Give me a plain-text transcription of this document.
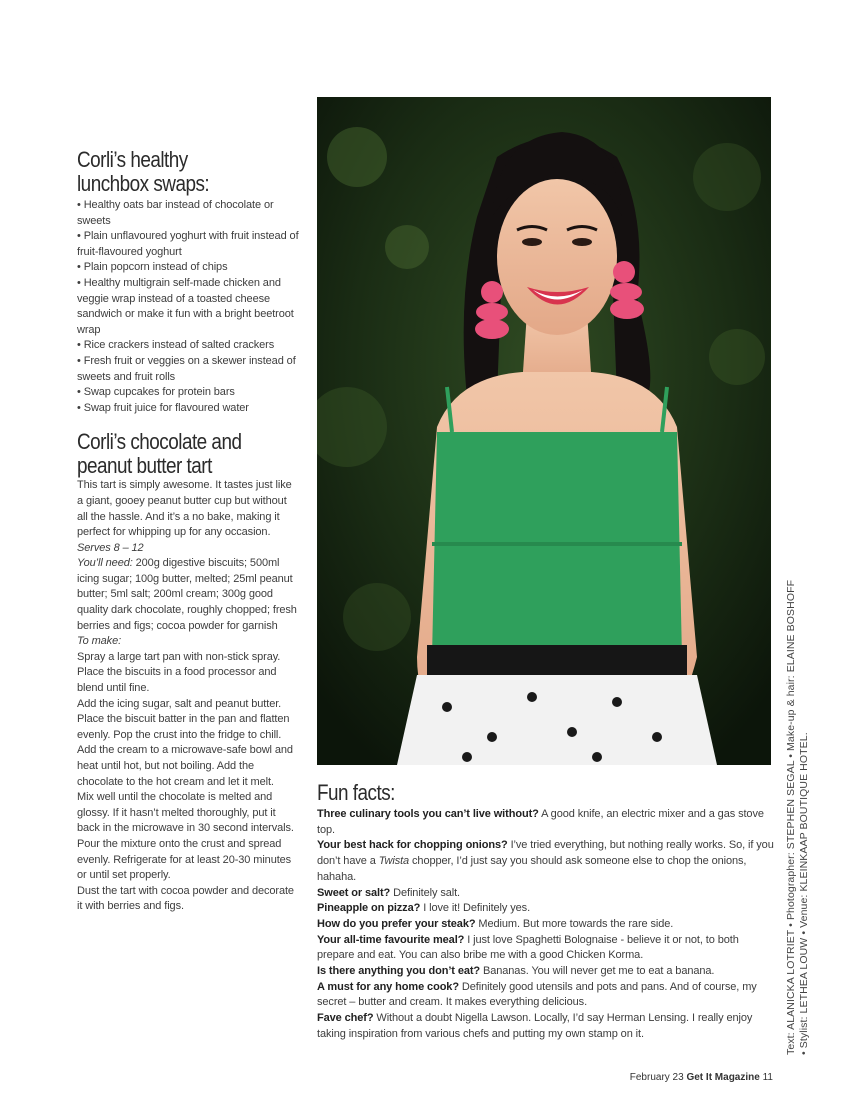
Corli’s healthy
lunchbox swaps:
• Healthy oats bar instead of chocolate or sweets
• Plain unflavoured yoghurt with fruit instead of fruit-flavoured yoghurt
• Plain popcorn instead of chips
• Healthy multigrain self-made chicken and veggie wrap instead of a toasted cheese sandwich or make it fun with a bright beetroot wrap
• Rice crackers instead of salted crackers
• Fresh fruit or veggies on a skewer instead of sweets and fruit rolls
• Swap cupcakes for protein bars
• Swap fruit juice for flavoured water
Corli’s chocolate and
peanut butter tart

This tart is simply awesome. It tastes just like a giant, gooey peanut butter cup but without all the hassle. And it’s a no bake, making it perfect for whipping up for any occasion.

Serves 8 – 12

You’ll need: 200g digestive biscuits; 500ml icing sugar; 100g butter, melted; 25ml peanut butter; 5ml salt; 200ml cream; 300g good quality dark chocolate, roughly chopped; fresh berries and figs; cocoa powder for garnish

To make:

Spray a large tart pan with non-stick spray.

Place the biscuits in a food processor and blend until fine.

Add the icing sugar, salt and peanut butter.

Place the biscuit batter in the pan and flatten evenly. Pop the crust into the fridge to chill.

Add the cream to a microwave-safe bowl and heat until hot, but not boiling. Add the chocolate to the hot cream and let it melt.

Mix well until the chocolate is melted and glossy. If it hasn’t melted thoroughly, put it back in the microwave in 30 second intervals.

Pour the mixture onto the crust and spread evenly. Refrigerate for at least 20-30 minutes or until set properly.

Dust the tart with cocoa powder and decorate it with berries and figs.

Fun facts:

Three culinary tools you can’t live without? A good knife, an electric mixer and a gas stove top.

Your best hack for chopping onions? I’ve tried everything, but nothing really works. So, if you don’t have a Twista chopper, I’d just say you should ask someone else to chop the onions, hahaha.

Sweet or salt? Definitely salt.

Pineapple on pizza? I love it! Definitely yes.

How do you prefer your steak? Medium. But more towards the rare side.

Your all-time favourite meal? I just love Spaghetti Bolognaise - believe it or not, to both prepare and eat. You can also bribe me with a good Chicken Korma.

Is there anything you don’t eat? Bananas. You will never get me to eat a banana.

A must for any home cook? Definitely good utensils and pots and pans. And of course, my secret – butter and cream. It makes everything delicious.

Fave chef? Without a doubt Nigella Lawson. Locally, I’d say Herman Lensing. I really enjoy taking inspiration from various chefs and putting my own stamp on it.	Text: ALANICKA LOTRIET • Photographer: STEPHEN SEGAL • Make-up & hair: ELAINE BOSHOFF • Stylist: LETHEA LOUW • Venue: KLEINKAAP BOUTIQUE HOTEL.
February 23 Get It Magazine 11
